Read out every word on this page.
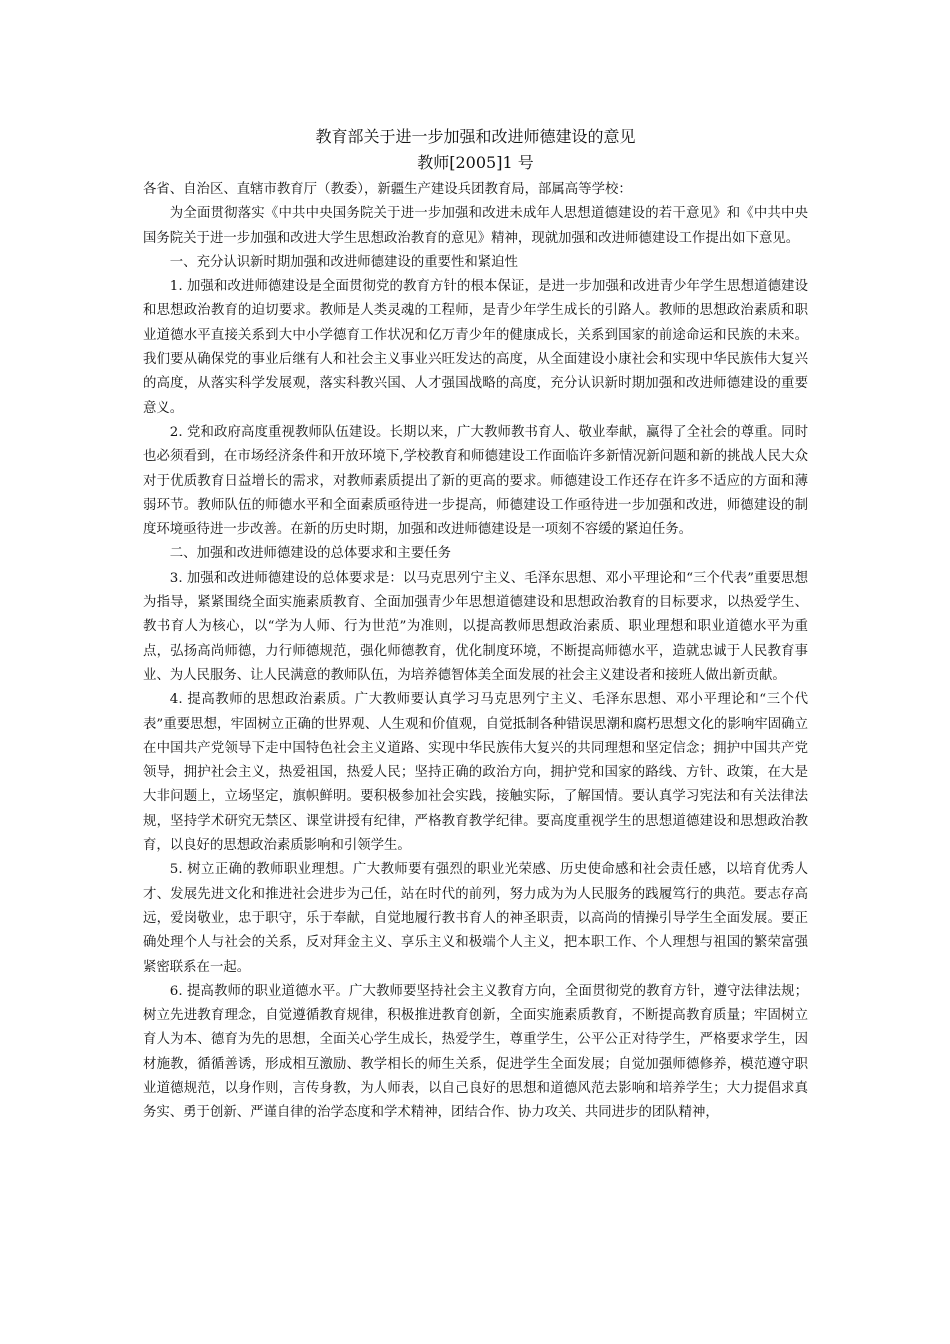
教育部关于进一步加强和改进师德建设的意见
教师[2005]1 号

各省、自治区、直辖市教育厅（教委），新疆生产建设兵团教育局，部属高等学校：

为全面贯彻落实《中共中央国务院关于进一步加强和改进未成年人思想道德建设的若干意见》和《中共中央国务院关于进一步加强和改进大学生思想政治教育的意见》精神，现就加强和改进师德建设工作提出如下意见。

一、充分认识新时期加强和改进师德建设的重要性和紧迫性

1. 加强和改进师德建设是全面贯彻党的教育方针的根本保证，是进一步加强和改进青少年学生思想道德建设和思想政治教育的迫切要求。教师是人类灵魂的工程师，是青少年学生成长的引路人。教师的思想政治素质和职业道德水平直接关系到大中小学德育工作状况和亿万青少年的健康成长，关系到国家的前途命运和民族的未来。我们要从确保党的事业后继有人和社会主义事业兴旺发达的高度，从全面建设小康社会和实现中华民族伟大复兴的高度，从落实科学发展观，落实科教兴国、人才强国战略的高度，充分认识新时期加强和改进师德建设的重要意义。

2. 党和政府高度重视教师队伍建设。长期以来，广大教师教书育人、敬业奉献，赢得了全社会的尊重。同时也必须看到，在市场经济条件和开放环境下,学校教育和师德建设工作面临许多新情况新问题和新的挑战人民大众对于优质教育日益增长的需求，对教师素质提出了新的更高的要求。师德建设工作还存在许多不适应的方面和薄弱环节。教师队伍的师德水平和全面素质亟待进一步提高，师德建设工作亟待进一步加强和改进，师德建设的制度环境亟待进一步改善。在新的历史时期，加强和改进师德建设是一项刻不容缓的紧迫任务。

二、加强和改进师德建设的总体要求和主要任务

3. 加强和改进师德建设的总体要求是：以马克思列宁主义、毛泽东思想、邓小平理论和“三个代表”重要思想为指导，紧紧围绕全面实施素质教育、全面加强青少年思想道德建设和思想政治教育的目标要求，以热爱学生、教书育人为核心，以“学为人师、行为世范”为准则，以提高教师思想政治素质、职业理想和职业道德水平为重点，弘扬高尚师德，力行师德规范，强化师德教育，优化制度环境，不断提高师德水平，造就忠诚于人民教育事业、为人民服务、让人民满意的教师队伍，为培养德智体美全面发展的社会主义建设者和接班人做出新贡献。

4. 提高教师的思想政治素质。广大教师要认真学习马克思列宁主义、毛泽东思想、邓小平理论和“三个代表”重要思想，牢固树立正确的世界观、人生观和价值观，自觉抵制各种错误思潮和腐朽思想文化的影响牢固确立在中国共产党领导下走中国特色社会主义道路、实现中华民族伟大复兴的共同理想和坚定信念；拥护中国共产党领导，拥护社会主义，热爱祖国，热爱人民；坚持正确的政治方向，拥护党和国家的路线、方针、政策，在大是大非问题上，立场坚定，旗帜鲜明。要积极参加社会实践，接触实际，了解国情。要认真学习宪法和有关法律法规，坚持学术研究无禁区、课堂讲授有纪律，严格教育教学纪律。要高度重视学生的思想道德建设和思想政治教育，以良好的思想政治素质影响和引领学生。

5. 树立正确的教师职业理想。广大教师要有强烈的职业光荣感、历史使命感和社会责任感，以培育优秀人才、发展先进文化和推进社会进步为己任，站在时代的前列，努力成为为人民服务的践履笃行的典范。要志存高远，爱岗敬业，忠于职守，乐于奉献，自觉地履行教书育人的神圣职责，以高尚的情操引导学生全面发展。要正确处理个人与社会的关系，反对拜金主义、享乐主义和极端个人主义，把本职工作、个人理想与祖国的繁荣富强紧密联系在一起。

6. 提高教师的职业道德水平。广大教师要坚持社会主义教育方向，全面贯彻党的教育方针，遵守法律法规；树立先进教育理念，自觉遵循教育规律，积极推进教育创新，全面实施素质教育，不断提高教育质量；牢固树立育人为本、德育为先的思想，全面关心学生成长，热爱学生，尊重学生，公平公正对待学生，严格要求学生，因材施教，循循善诱，形成相互激励、教学相长的师生关系，促进学生全面发展；自觉加强师德修养，模范遵守职业道德规范，以身作则，言传身教，为人师表，以自己良好的思想和道德风范去影响和培养学生；大力提倡求真务实、勇于创新、严谨自律的治学态度和学术精神，团结合作、协力攻关、共同进步的团队精神，
